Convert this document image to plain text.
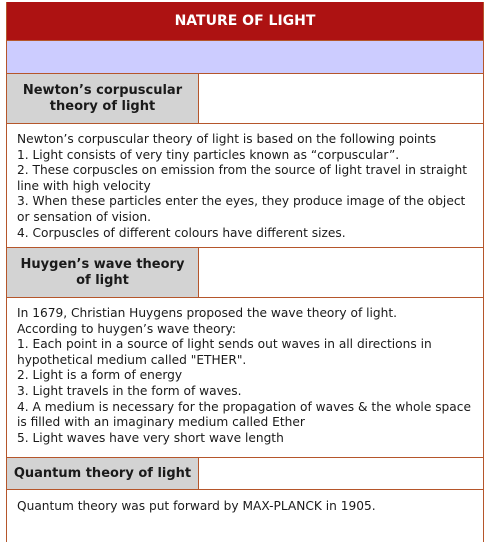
NATURE OF LIGHT
Newton’s corpuscular theory of light
Newton’s corpuscular theory of light is based on the following points
1. Light consists of very tiny particles known as “corpuscular”.
2. These corpuscles on emission from the source of light travel in straight line with high velocity
3. When these particles enter the eyes, they produce image of the object or sensation of vision.
4. Corpuscles of different colours have different sizes.
Huygen’s wave theory of light
In 1679, Christian Huygens proposed the wave theory of light.
According to huygen’s wave theory:
1. Each point in a source of light sends out waves in all directions in hypothetical medium called "ETHER".
2. Light is a form of energy
3. Light travels in the form of waves.
4. A medium is necessary for the propagation of waves & the whole space is filled with an imaginary medium called Ether
5. Light waves have very short wave length
Quantum theory of light
Quantum theory was put forward by MAX-PLANCK in 1905.
